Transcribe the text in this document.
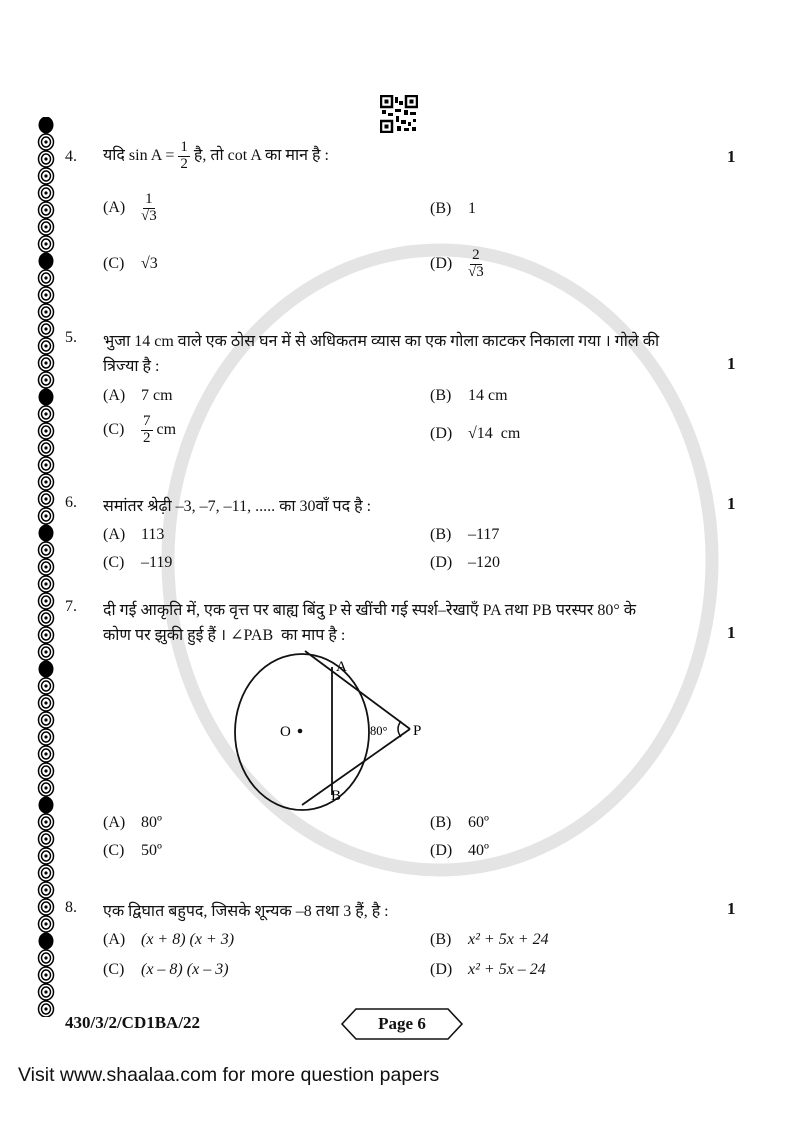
4. यदि $\sin A = \frac{1}{2}$ है, तो cot A का मान है :	1
$(A) \frac{1}{√3}$	(B) 1
(C) √3	$(D) \frac{2}{√3}$
5. भुजा 14 cm वाले एक ठोस घन में से अधिकतम व्यास का एक गोला काटकर निकाला गया । गोले की
त्रिज्या है :	1
(A) 7 cm	(B) 14 cm
$(C) \frac{7}{2}$ cm	(D) √14  cm
6. समांतर श्रेढ़ी –3, –7, –11, ..... का 30वाँ पद है :	1
(A) 113	(B) –117
(C) –119	(D) –120
7. दी गई आकृति में, एक वृत्त पर बाह्य बिंदु P से खींची गई स्पर्श–रेखाएँ PA तथा PB परस्पर 80° के
कोण पर झुकी हुई हैं । ∠PAB  का माप है :	1
A
B
O	P
80°
(A) 80º	(B) 60º
(C) 50º	(D) 40º
8. एक द्विघात बहुपद, जिसके शून्यक –8 तथा 3 हैं, है :	1
(A) (x + 8) (x + 3)	(B) x² + 5x + 24
(C) (x – 8) (x – 3)	(D) x² + 5x – 24
430/3/2/CD1BA/22	Page 6
Visit www.shaalaa.com for more question papers
